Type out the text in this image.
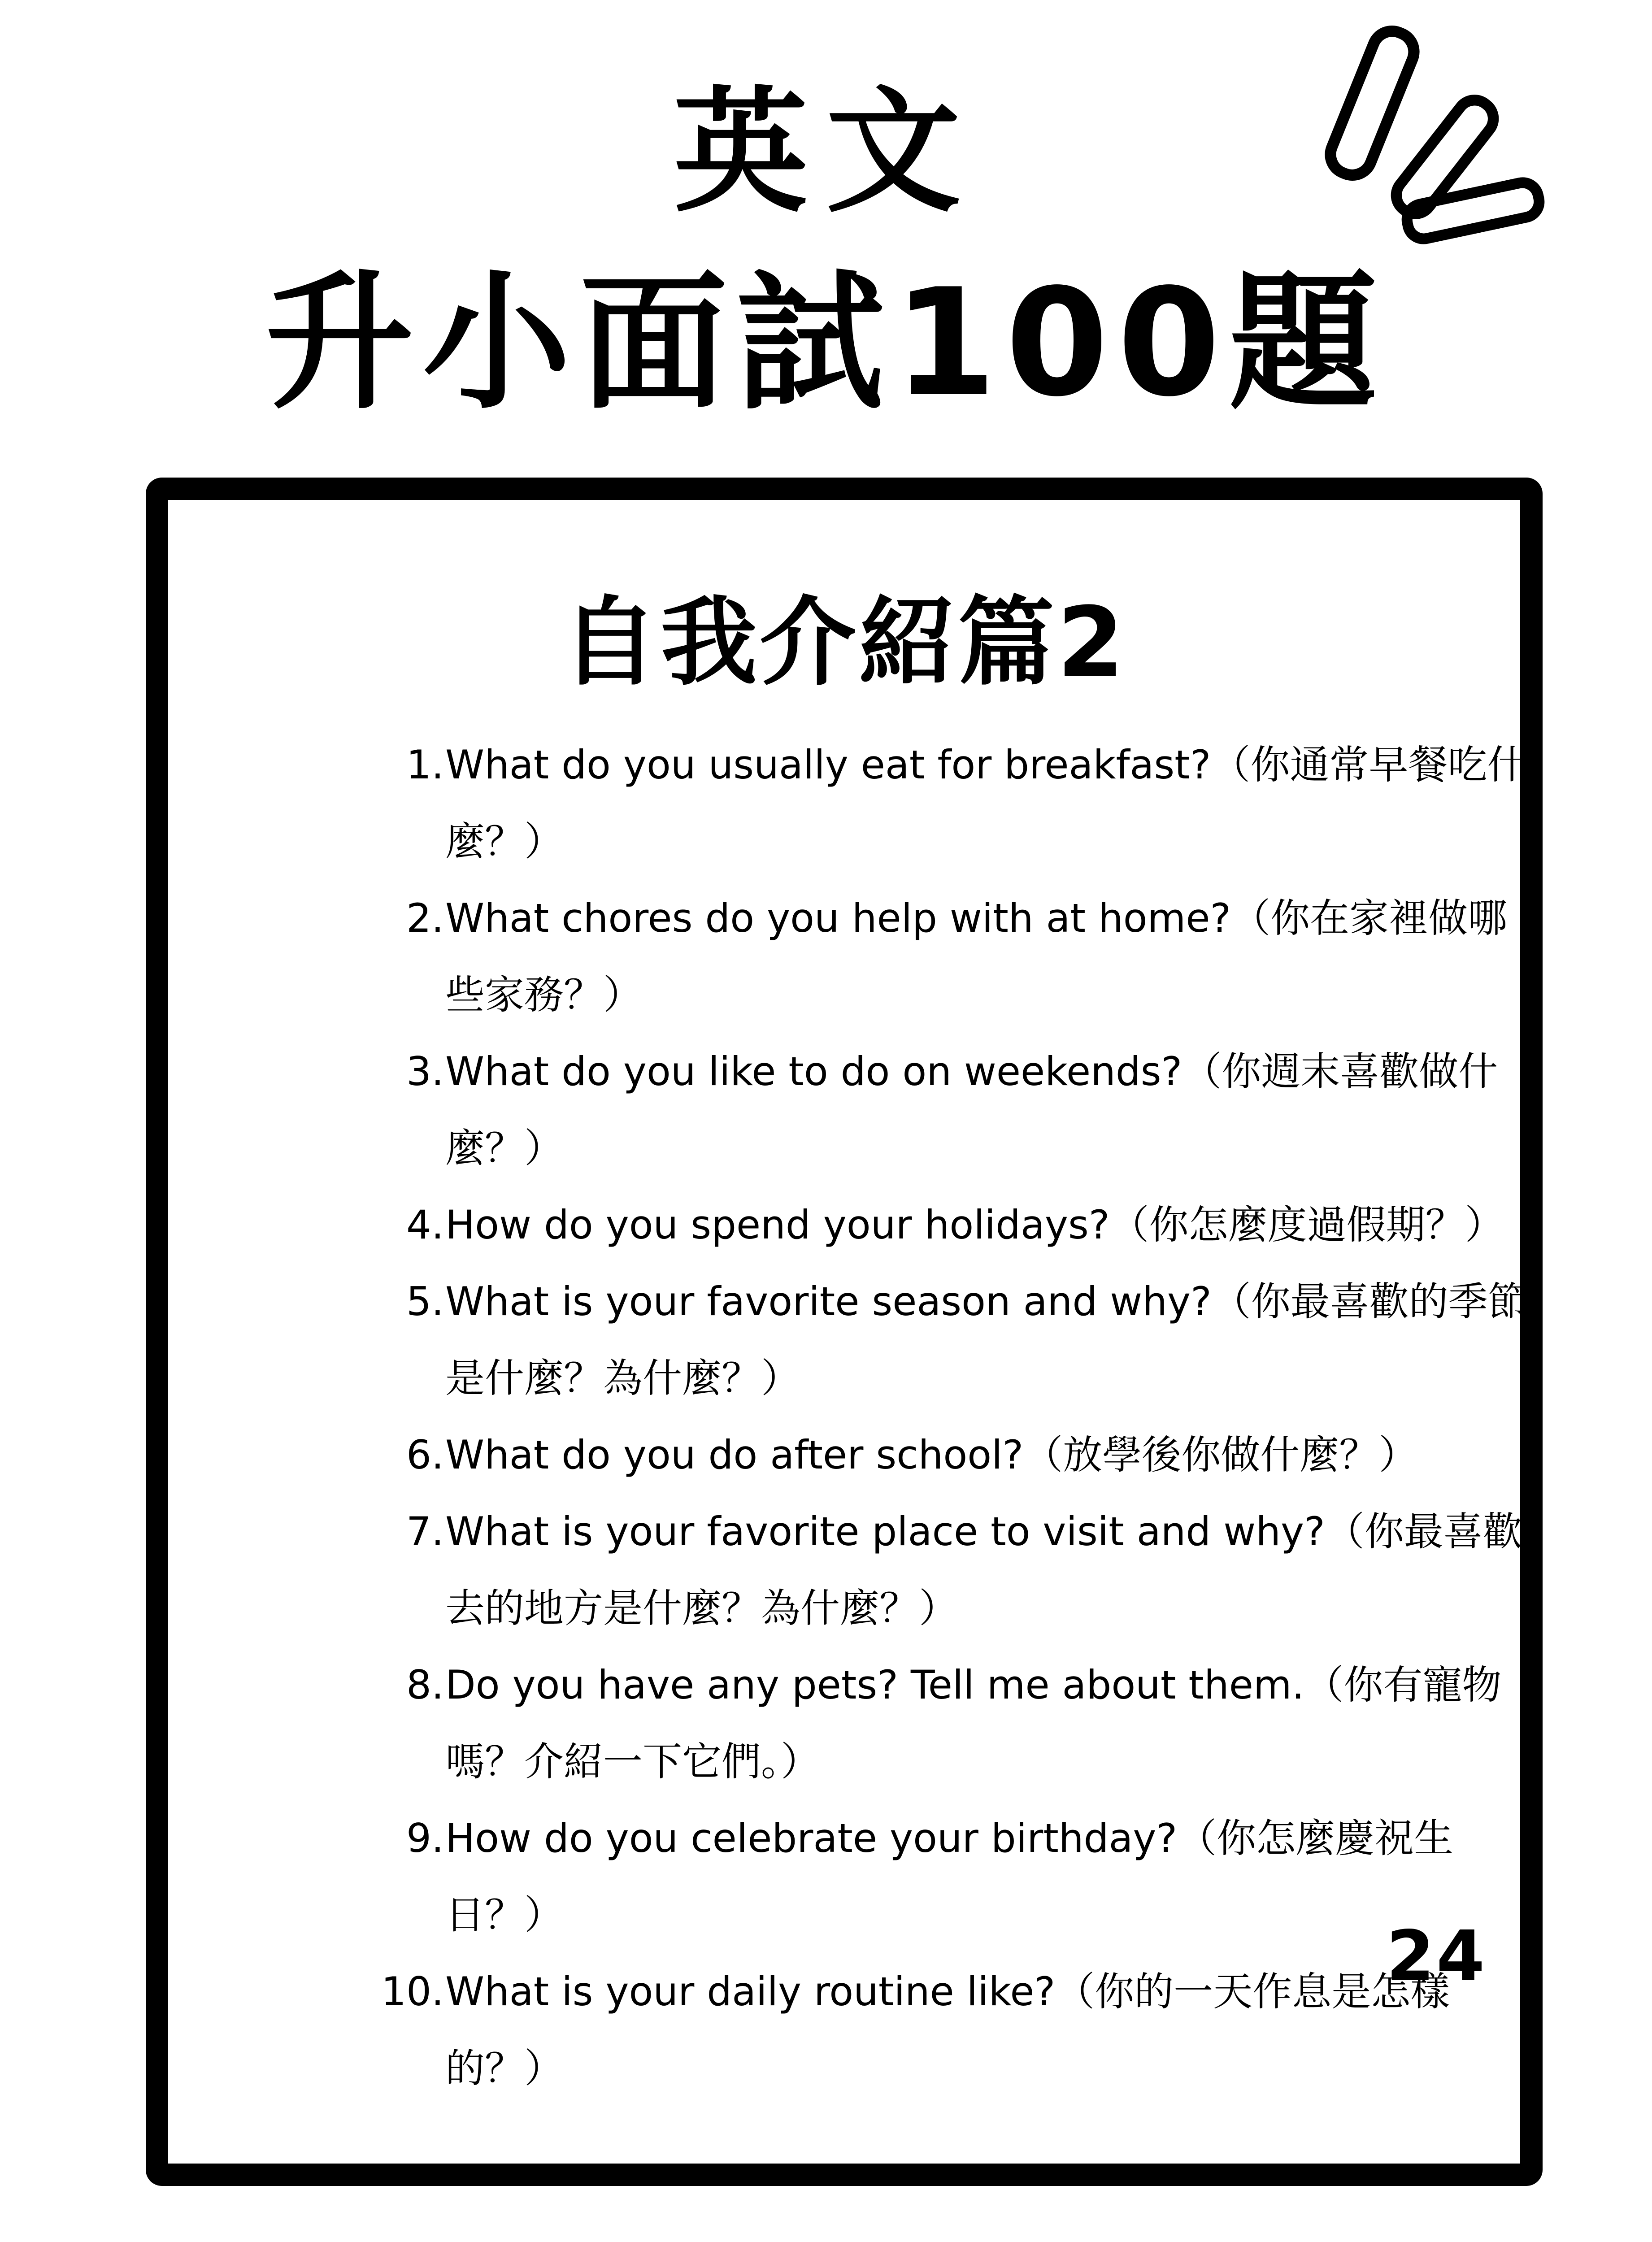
英文
升小面試100題
自我介紹篇2
1. What do you usually eat for breakfast?（你通常早餐吃什麼？）
2. What chores do you help with at home?（你在家裡做哪些家務？）
3. What do you like to do on weekends?（你週末喜歡做什麼？）
4. How do you spend your holidays?（你怎麼度過假期？）
5. What is your favorite season and why?（你最喜歡的季節是什麼？為什麼？）
6. What do you do after school?（放學後你做什麼？）
7. What is your favorite place to visit and why?（你最喜歡去的地方是什麼？為什麼？）
8. Do you have any pets? Tell me about them.（你有寵物嗎？介紹一下它們。）
9. How do you celebrate your birthday?（你怎麼慶祝生日？）
10. What is your daily routine like?（你的一天作息是怎樣的？）
24
